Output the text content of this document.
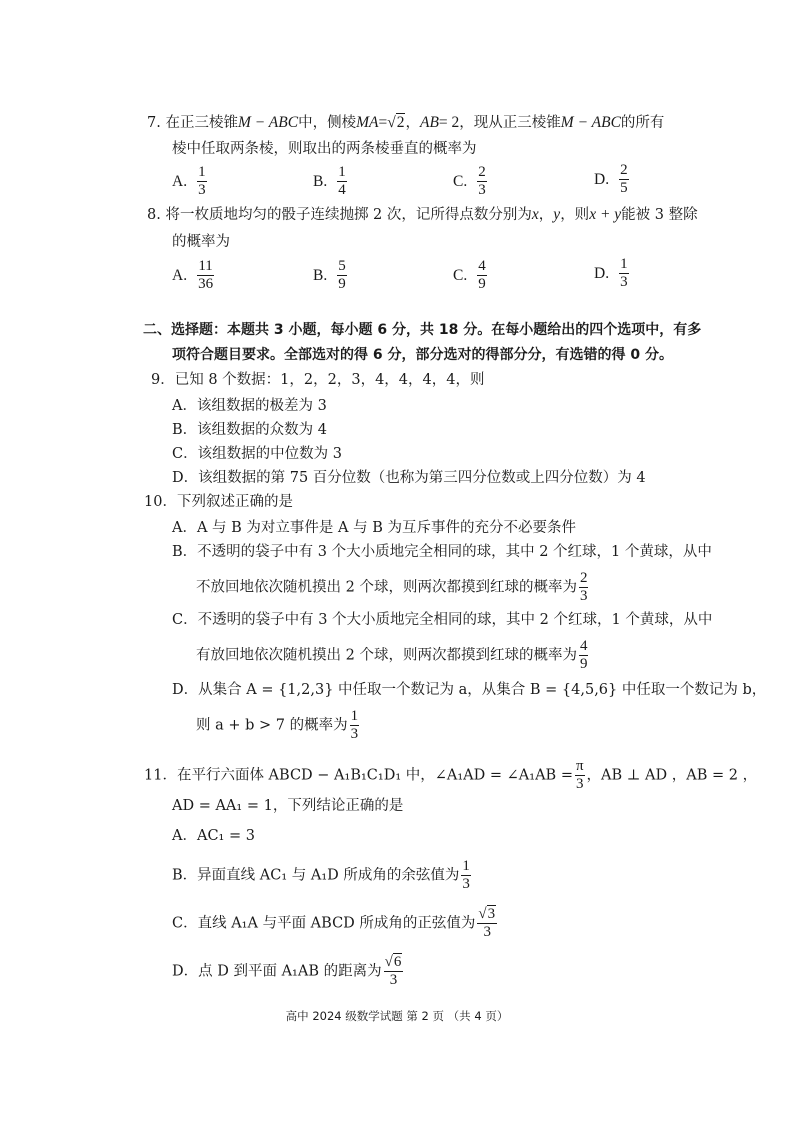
7. 在正三棱锥M − ABC中，侧棱MA=√2，AB= 2，现从正三棱锥M − ABC的所有
棱中任取两条棱，则取出的两条棱垂直的概率为
A. $\frac{1}{3}$	B. $\frac{1}{4}$	C. $\frac{2}{3}$	D. $\frac{2}{5}$
8. 将一枚质地均匀的骰子连续抛掷 2 次，记所得点数分别为x，y，则x + y能被 3 整除
的概率为
A. $\frac{11}{36}$	B. $\frac{5}{9}$	C. $\frac{4}{9}$	D. $\frac{1}{3}$
二、选择题：本题共 3 小题，每小题 6 分，共 18 分。在每小题给出的四个选项中，有多
项符合题目要求。全部选对的得 6 分，部分选对的得部分分，有选错的得 0 分。
9．已知 8 个数据：1，2，2，3，4，4，4，4，则
A．该组数据的极差为 3
B．该组数据的众数为 4
C．该组数据的中位数为 3
D．该组数据的第 75 百分位数（也称为第三四分位数或上四分位数）为 4
10．下列叙述正确的是
A．A 与 B 为对立事件是 A 与 B 为互斥事件的充分不必要条件
B．不透明的袋子中有 3 个大小质地完全相同的球，其中 2 个红球，1 个黄球，从中
不放回地依次随机摸出 2 个球，则两次都摸到红球的概率为 $\frac{2}{3}$
C．不透明的袋子中有 3 个大小质地完全相同的球，其中 2 个红球，1 个黄球，从中
有放回地依次随机摸出 2 个球，则两次都摸到红球的概率为 $\frac{4}{9}$
D．从集合 A = {1,2,3} 中任取一个数记为 a，从集合 B = {4,5,6} 中任取一个数记为 b，
则 a + b > 7 的概率为 $\frac{1}{3}$
11．在平行六面体 ABCD − A₁B₁C₁D₁ 中，∠A₁AD = ∠A₁AB = $\frac{\pi}{3}$ ，AB ⊥ AD ，AB = 2 ，
AD = AA₁ = 1，下列结论正确的是
A．AC₁ = 3
B．异面直线 AC₁ 与 A₁D 所成角的余弦值为 $\frac{1}{3}$
C．直线 A₁A 与平面 ABCD 所成角的正弦值为 $\frac{√3}{3}$
D．点 D 到平面 A₁AB 的距离为 $\frac{√6}{3}$
高中 2024 级数学试题 第 2 页 （共 4 页）
